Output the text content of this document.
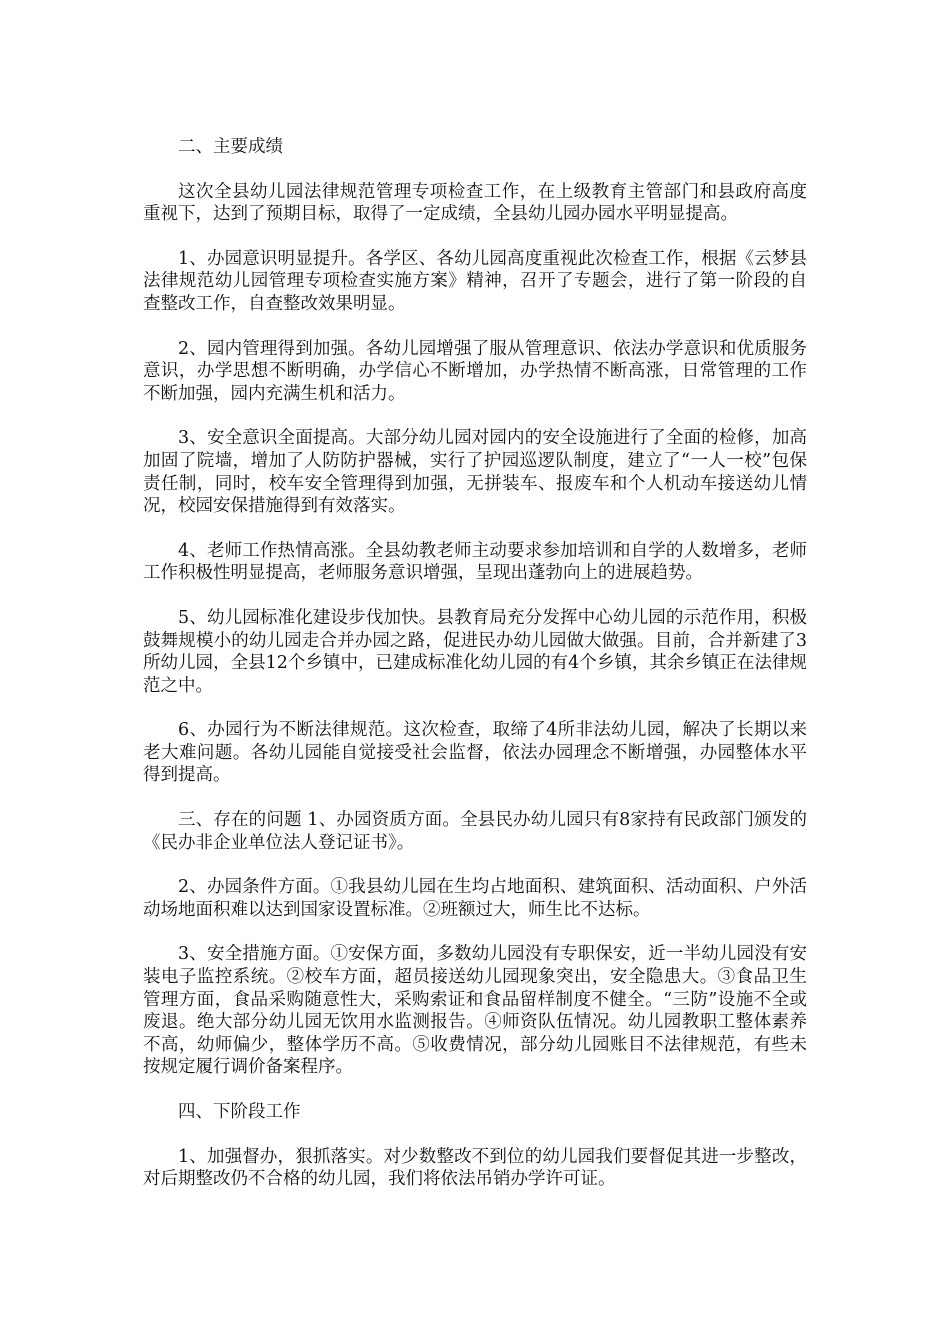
二、主要成绩

这次全县幼儿园法律规范管理专项检查工作，在上级教育主管部门和县政府高度重视下，达到了预期目标，取得了一定成绩，全县幼儿园办园水平明显提高。

1、办园意识明显提升。各学区、各幼儿园高度重视此次检查工作，根据《云梦县法律规范幼儿园管理专项检查实施方案》精神，召开了专题会，进行了第一阶段的自查整改工作，自查整改效果明显。

2、园内管理得到加强。各幼儿园增强了服从管理意识、依法办学意识和优质服务意识，办学思想不断明确，办学信心不断增加，办学热情不断高涨，日常管理的工作不断加强，园内充满生机和活力。

3、安全意识全面提高。大部分幼儿园对园内的安全设施进行了全面的检修，加高加固了院墙，增加了人防防护器械，实行了护园巡逻队制度，建立了“一人一校”包保责任制，同时，校车安全管理得到加强，无拼装车、报废车和个人机动车接送幼儿情况，校园安保措施得到有效落实。

4、老师工作热情高涨。全县幼教老师主动要求参加培训和自学的人数增多，老师工作积极性明显提高，老师服务意识增强，呈现出蓬勃向上的进展趋势。

5、幼儿园标准化建设步伐加快。县教育局充分发挥中心幼儿园的示范作用，积极鼓舞规模小的幼儿园走合并办园之路，促进民办幼儿园做大做强。目前，合并新建了3所幼儿园，全县12个乡镇中，已建成标准化幼儿园的有4个乡镇，其余乡镇正在法律规范之中。

6、办园行为不断法律规范。这次检查，取缔了4所非法幼儿园，解决了长期以来老大难问题。各幼儿园能自觉接受社会监督，依法办园理念不断增强，办园整体水平得到提高。

三、存在的问题 1、办园资质方面。全县民办幼儿园只有8家持有民政部门颁发的《民办非企业单位法人登记证书》。

2、办园条件方面。①我县幼儿园在生均占地面积、建筑面积、活动面积、户外活动场地面积难以达到国家设置标准。②班额过大，师生比不达标。

3、安全措施方面。①安保方面，多数幼儿园没有专职保安，近一半幼儿园没有安装电子监控系统。②校车方面，超员接送幼儿园现象突出，安全隐患大。③食品卫生管理方面，食品采购随意性大，采购索证和食品留样制度不健全。“三防”设施不全或废退。绝大部分幼儿园无饮用水监测报告。④师资队伍情况。幼儿园教职工整体素养不高，幼师偏少，整体学历不高。⑤收费情况，部分幼儿园账目不法律规范，有些未按规定履行调价备案程序。

四、下阶段工作

1、加强督办，狠抓落实。对少数整改不到位的幼儿园我们要督促其进一步整改，对后期整改仍不合格的幼儿园，我们将依法吊销办学许可证。
